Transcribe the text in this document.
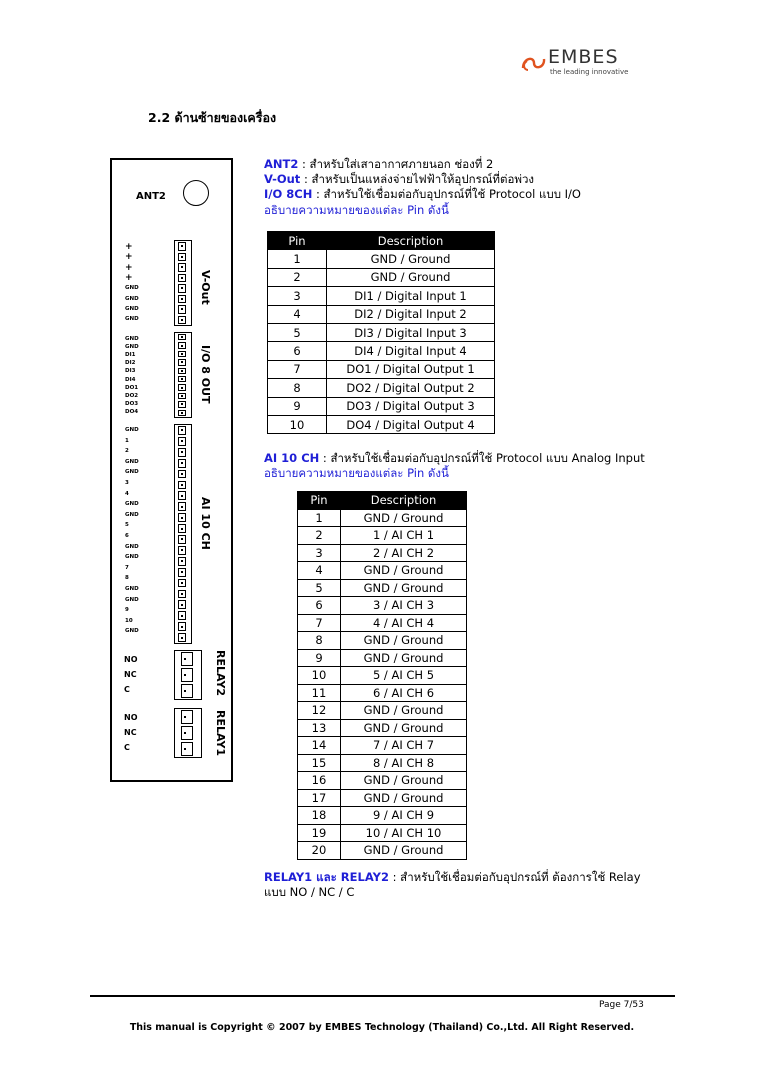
EMBES
the leading innovative
2.2 ด้านซ้ายของเครื่อง
ANT2
+
+
+
+
GND
GND
GND
GND
V-Out
GND
GND
DI1
DI2
DI3
DI4
DO1
DO2
DO3
DO4
I/O 8 OUT
GND
1
2
GND
GND
3
4
GND
GND
5
6
GND
GND
7
8
GND
GND
9
10
GND
AI 10 CH
NO
NC
C	RELAY2
NO
NC
C	RELAY1
ANT2 : สำหรับใส่เสาอากาศภายนอก ช่องที่ 2
V-Out : สำหรับเป็นแหล่งจ่ายไฟฟ้าให้อุปกรณ์ที่ต่อพ่วง
I/O 8CH : สำหรับใช้เชื่อมต่อกับอุปกรณ์ที่ใช้ Protocol แบบ I/O
อธิบายความหมายของแต่ละ Pin ดังนี้
Pin	Description
1	GND / Ground
2	GND / Ground
3	DI1 / Digital Input 1
4	DI2 / Digital Input 2
5	DI3 / Digital Input 3
6	DI4 / Digital Input 4
7	DO1 / Digital Output 1
8	DO2 / Digital Output 2
9	DO3 / Digital Output 3
10	DO4 / Digital Output 4
AI 10 CH : สำหรับใช้เชื่อมต่อกับอุปกรณ์ที่ใช้ Protocol แบบ Analog Input
อธิบายความหมายของแต่ละ Pin ดังนี้
Pin	Description
1	GND / Ground
2	1 / AI CH 1
3	2 / AI CH 2
4	GND / Ground
5	GND / Ground
6	3 / AI CH 3
7	4 / AI CH 4
8	GND / Ground
9	GND / Ground
10	5 / AI CH 5
11	6 / AI CH 6
12	GND / Ground
13	GND / Ground
14	7 / AI CH 7
15	8 / AI CH 8
16	GND / Ground
17	GND / Ground
18	9 / AI CH 9
19	10 / AI CH 10
20	GND / Ground
RELAY1 และ RELAY2 : สำหรับใช้เชื่อมต่อกับอุปกรณ์ที่ ต้องการใช้ Relay
แบบ NO / NC / C
Page 7/53
This manual is Copyright © 2007 by EMBES Technology (Thailand) Co.,Ltd. All Right Reserved.
